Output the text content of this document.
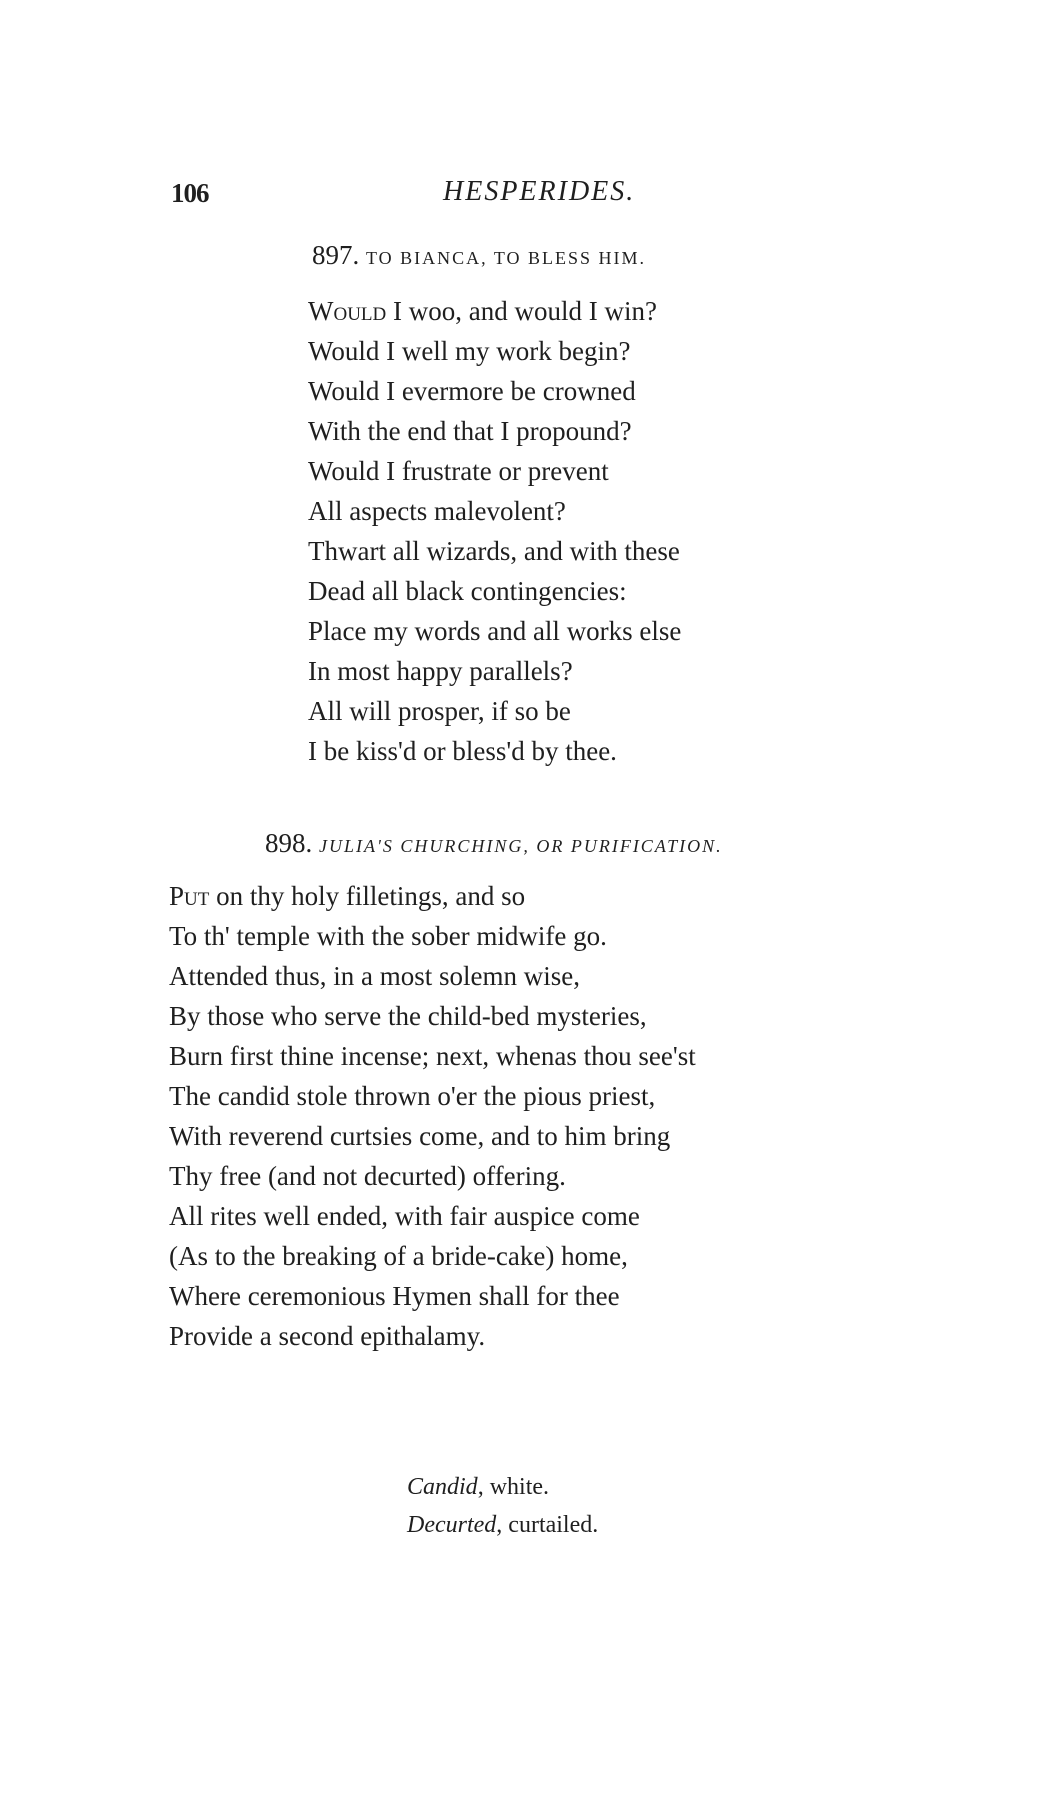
106	HESPERIDES.
897. TO BIANCA, TO BLESS HIM.
Would I woo, and would I win?
Would I well my work begin?
Would I evermore be crowned
With the end that I propound?
Would I frustrate or prevent
All aspects malevolent?
Thwart all wizards, and with these
Dead all black contingencies:
Place my words and all works else
In most happy parallels?
All will prosper, if so be
I be kiss'd or bless'd by thee.
898. JULIA'S CHURCHING, OR PURIFICATION.
Put on thy holy filletings, and so
To th' temple with the sober midwife go.
Attended thus, in a most solemn wise,
By those who serve the child-bed mysteries,
Burn first thine incense; next, whenas thou see'st
The candid stole thrown o'er the pious priest,
With reverend curtsies come, and to him bring
Thy free (and not decurted) offering.
All rites well ended, with fair auspice come
(As to the breaking of a bride-cake) home,
Where ceremonious Hymen shall for thee
Provide a second epithalamy.
Candid, white.
Decurted, curtailed.
